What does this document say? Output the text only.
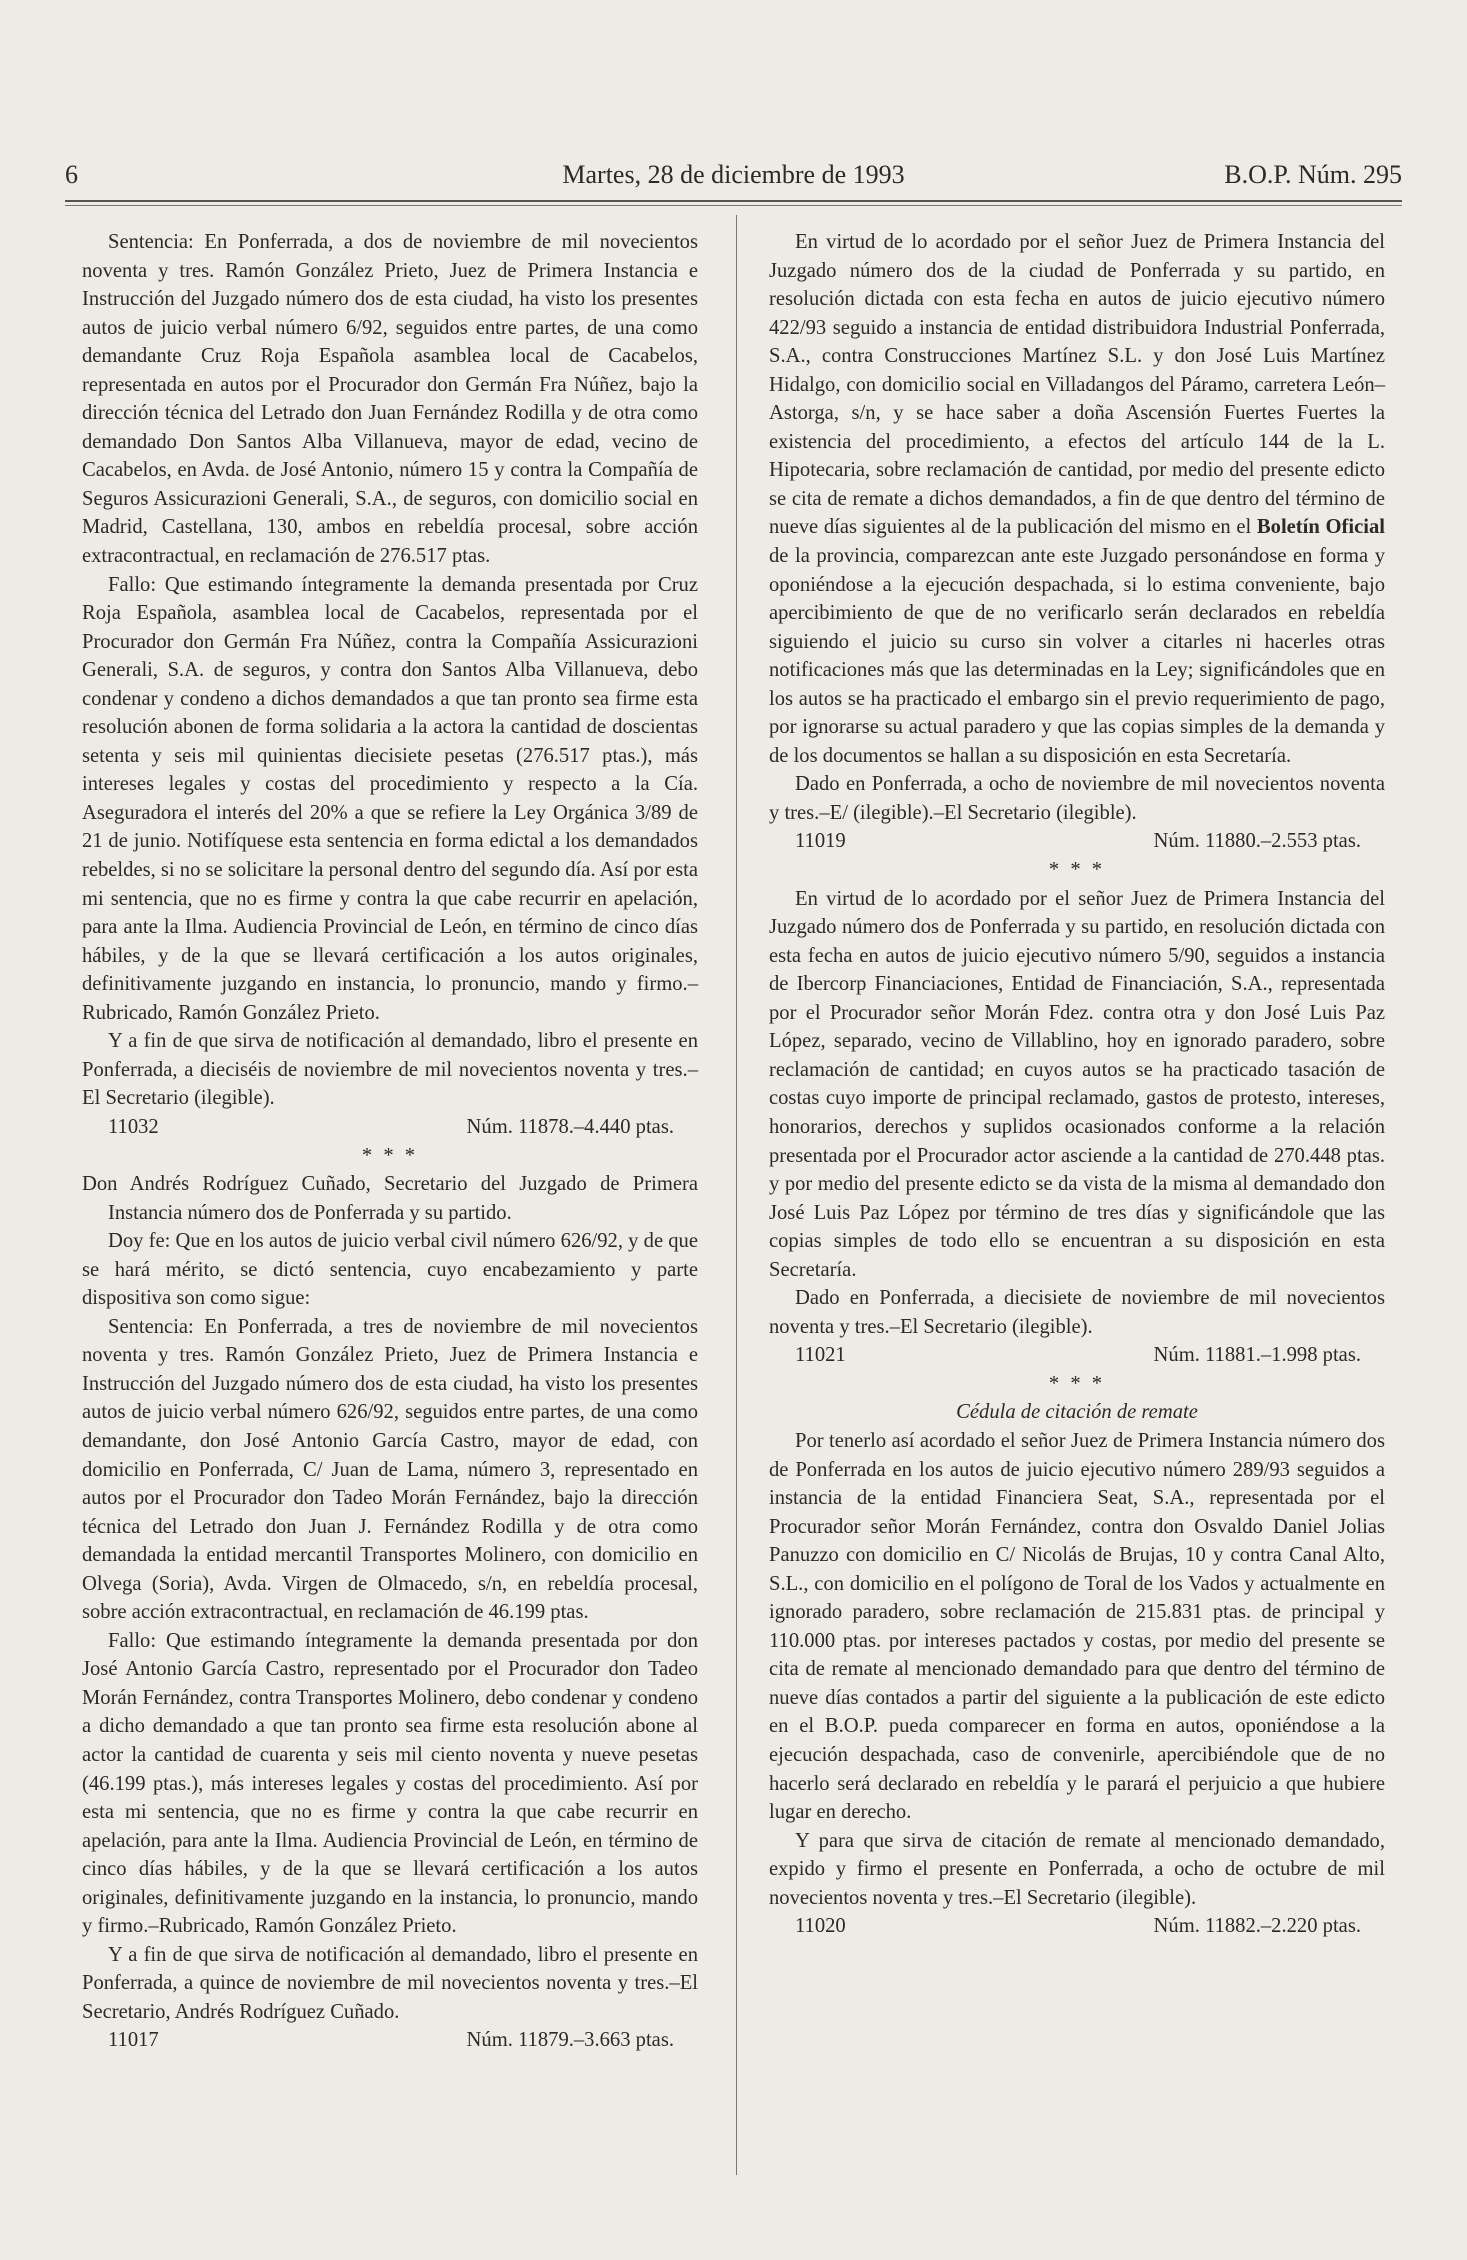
6	Martes, 28 de diciembre de 1993	B.O.P. Núm. 295

Sentencia: En Ponferrada, a dos de noviembre de mil novecientos noventa y tres. Ramón González Prieto, Juez de Primera Instancia e Instrucción del Juzgado número dos de esta ciudad, ha visto los presentes autos de juicio verbal número 6/92, seguidos entre partes, de una como demandante Cruz Roja Española asamblea local de Cacabelos, representada en autos por el Procurador don Germán Fra Núñez, bajo la dirección técnica del Letrado don Juan Fernández Rodilla y de otra como demandado Don Santos Alba Villanueva, mayor de edad, vecino de Cacabelos, en Avda. de José Antonio, número 15 y contra la Compañía de Seguros Assicurazioni Generali, S.A., de seguros, con domicilio social en Madrid, Castellana, 130, ambos en rebeldía procesal, sobre acción extracontractual, en reclamación de 276.517 ptas.

Fallo: Que estimando íntegramente la demanda presentada por Cruz Roja Española, asamblea local de Cacabelos, representada por el Procurador don Germán Fra Núñez, contra la Compañía Assicurazioni Generali, S.A. de seguros, y contra don Santos Alba Villanueva, debo condenar y condeno a dichos demandados a que tan pronto sea firme esta resolución abonen de forma solidaria a la actora la cantidad de doscientas setenta y seis mil quinientas diecisiete pesetas (276.517 ptas.), más intereses legales y costas del procedimiento y respecto a la Cía. Aseguradora el interés del 20% a que se refiere la Ley Orgánica 3/89 de 21 de junio. Notifíquese esta sentencia en forma edictal a los demandados rebeldes, si no se solicitare la personal dentro del segundo día. Así por esta mi sentencia, que no es firme y contra la que cabe recurrir en apelación, para ante la Ilma. Audiencia Provincial de León, en término de cinco días hábiles, y de la que se llevará certificación a los autos originales, definitivamente juzgando en instancia, lo pronuncio, mando y firmo.–Rubricado, Ramón González Prieto.

Y a fin de que sirva de notificación al demandado, libro el presente en Ponferrada, a dieciséis de noviembre de mil novecientos noventa y tres.–El Secretario (ilegible).

11032	Núm. 11878.–4.440 ptas.
* * *

Don Andrés Rodríguez Cuñado, Secretario del Juzgado de Primera Instancia número dos de Ponferrada y su partido.

Doy fe: Que en los autos de juicio verbal civil número 626/92, y de que se hará mérito, se dictó sentencia, cuyo encabezamiento y parte dispositiva son como sigue:

Sentencia: En Ponferrada, a tres de noviembre de mil novecientos noventa y tres. Ramón González Prieto, Juez de Primera Instancia e Instrucción del Juzgado número dos de esta ciudad, ha visto los presentes autos de juicio verbal número 626/92, seguidos entre partes, de una como demandante, don José Antonio García Castro, mayor de edad, con domicilio en Ponferrada, C/ Juan de Lama, número 3, representado en autos por el Procurador don Tadeo Morán Fernández, bajo la dirección técnica del Letrado don Juan J. Fernández Rodilla y de otra como demandada la entidad mercantil Transportes Molinero, con domicilio en Olvega (Soria), Avda. Virgen de Olmacedo, s/n, en rebeldía procesal, sobre acción extracontractual, en reclamación de 46.199 ptas.

Fallo: Que estimando íntegramente la demanda presentada por don José Antonio García Castro, representado por el Procurador don Tadeo Morán Fernández, contra Transportes Molinero, debo condenar y condeno a dicho demandado a que tan pronto sea firme esta resolución abone al actor la cantidad de cuarenta y seis mil ciento noventa y nueve pesetas (46.199 ptas.), más intereses legales y costas del procedimiento. Así por esta mi sentencia, que no es firme y contra la que cabe recurrir en apelación, para ante la Ilma. Audiencia Provincial de León, en término de cinco días hábiles, y de la que se llevará certificación a los autos originales, definitivamente juzgando en la instancia, lo pronuncio, mando y firmo.–Rubricado, Ramón González Prieto.

Y a fin de que sirva de notificación al demandado, libro el presente en Ponferrada, a quince de noviembre de mil novecientos noventa y tres.–El Secretario, Andrés Rodríguez Cuñado.

11017	Núm. 11879.–3.663 ptas.

En virtud de lo acordado por el señor Juez de Primera Instancia del Juzgado número dos de la ciudad de Ponferrada y su partido, en resolución dictada con esta fecha en autos de juicio ejecutivo número 422/93 seguido a instancia de entidad distribuidora Industrial Ponferrada, S.A., contra Construcciones Martínez S.L. y don José Luis Martínez Hidalgo, con domicilio social en Villadangos del Páramo, carretera León–Astorga, s/n, y se hace saber a doña Ascensión Fuertes Fuertes la existencia del procedimiento, a efectos del artículo 144 de la L. Hipotecaria, sobre reclamación de cantidad, por medio del presente edicto se cita de remate a dichos demandados, a fin de que dentro del término de nueve días siguientes al de la publicación del mismo en el Boletín Oficial de la provincia, comparezcan ante este Juzgado personándose en forma y oponiéndose a la ejecución despachada, si lo estima conveniente, bajo apercibimiento de que de no verificarlo serán declarados en rebeldía siguiendo el juicio su curso sin volver a citarles ni hacerles otras notificaciones más que las determinadas en la Ley; significándoles que en los autos se ha practicado el embargo sin el previo requerimiento de pago, por ignorarse su actual paradero y que las copias simples de la demanda y de los documentos se hallan a su disposición en esta Secretaría.

Dado en Ponferrada, a ocho de noviembre de mil novecientos noventa y tres.–E/ (ilegible).–El Secretario (ilegible).

11019	Núm. 11880.–2.553 ptas.
* * *

En virtud de lo acordado por el señor Juez de Primera Instancia del Juzgado número dos de Ponferrada y su partido, en resolución dictada con esta fecha en autos de juicio ejecutivo número 5/90, seguidos a instancia de Ibercorp Financiaciones, Entidad de Financiación, S.A., representada por el Procurador señor Morán Fdez. contra otra y don José Luis Paz López, separado, vecino de Villablino, hoy en ignorado paradero, sobre reclamación de cantidad; en cuyos autos se ha practicado tasación de costas cuyo importe de principal reclamado, gastos de protesto, intereses, honorarios, derechos y suplidos ocasionados conforme a la relación presentada por el Procurador actor asciende a la cantidad de 270.448 ptas. y por medio del presente edicto se da vista de la misma al demandado don José Luis Paz López por término de tres días y significándole que las copias simples de todo ello se encuentran a su disposición en esta Secretaría.

Dado en Ponferrada, a diecisiete de noviembre de mil novecientos noventa y tres.–El Secretario (ilegible).

11021	Núm. 11881.–1.998 ptas.
* * *

Cédula de citación de remate

Por tenerlo así acordado el señor Juez de Primera Instancia número dos de Ponferrada en los autos de juicio ejecutivo número 289/93 seguidos a instancia de la entidad Financiera Seat, S.A., representada por el Procurador señor Morán Fernández, contra don Osvaldo Daniel Jolias Panuzzo con domicilio en C/ Nicolás de Brujas, 10 y contra Canal Alto, S.L., con domicilio en el polígono de Toral de los Vados y actualmente en ignorado paradero, sobre reclamación de 215.831 ptas. de principal y 110.000 ptas. por intereses pactados y costas, por medio del presente se cita de remate al mencionado demandado para que dentro del término de nueve días contados a partir del siguiente a la publicación de este edicto en el B.O.P. pueda comparecer en forma en autos, oponiéndose a la ejecución despachada, caso de convenirle, apercibiéndole que de no hacerlo será declarado en rebeldía y le parará el perjuicio a que hubiere lugar en derecho.

Y para que sirva de citación de remate al mencionado demandado, expido y firmo el presente en Ponferrada, a ocho de octubre de mil novecientos noventa y tres.–El Secretario (ilegible).

11020	Núm. 11882.–2.220 ptas.
